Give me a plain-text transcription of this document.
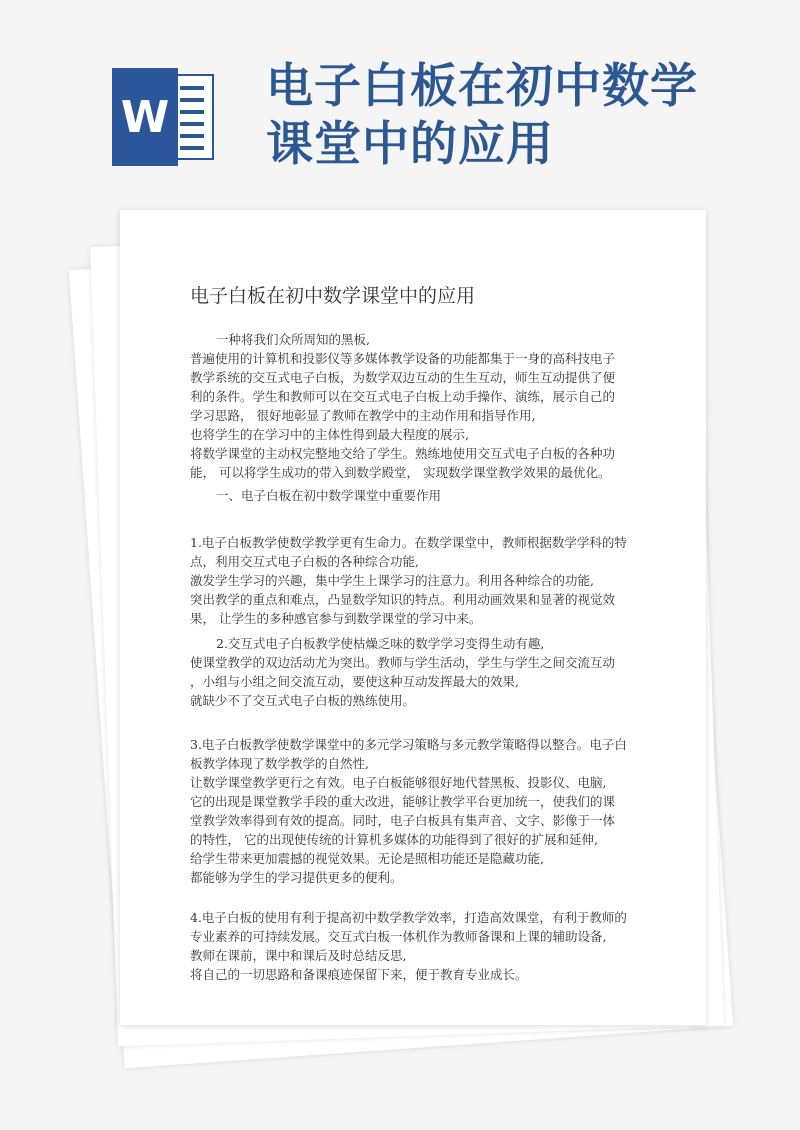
W
电子白板在初中数学课堂中的应用
电子白板在初中数学课堂中的应用
一种将我们众所周知的黑板,
普遍使用的计算机和投影仪等多媒体教学设备的功能都集于一身的高科技电子
教学系统的交互式电子白板，为数学双边互动的生生互动，师生互动提供了便
利的条件。学生和教师可以在交互式电子白板上动手操作、演练，展示自己的
学习思路， 很好地彰显了教师在教学中的主动作用和指导作用,
也将学生的在学习中的主体性得到最大程度的展示,
将数学课堂的主动权完整地交给了学生。熟练地使用交互式电子白板的各种功
能， 可以将学生成功的带入到数学殿堂， 实现数学课堂教学效果的最优化。
一、电子白板在初中数学课堂中重要作用
1.电子白板教学使数学教学更有生命力。在数学课堂中，教师根据数学学科的特
点，利用交互式电子白板的各种综合功能,
激发学生学习的兴趣，集中学生上课学习的注意力。利用各种综合的功能,
突出教学的重点和难点，凸显数学知识的特点。利用动画效果和显著的视觉效
果， 让学生的多种感官参与到数学课堂的学习中来。
2.交互式电子白板教学使枯燥乏味的数学学习变得生动有趣,
使课堂教学的双边活动尤为突出。教师与学生活动，学生与学生之间交流互动
，小组与小组之间交流互动，要使这种互动发挥最大的效果,
就缺少不了交互式电子白板的熟练使用。
3.电子白板教学使数学课堂中的多元学习策略与多元教学策略得以整合。电子白
板教学体现了数学教学的自然性,
让数学课堂教学更行之有效。电子白板能够很好地代替黑板、投影仪、电脑,
它的出现是课堂教学手段的重大改进，能够让教学平台更加统一，使我们的课
堂教学效率得到有效的提高。同时，电子白板具有集声音、文字、影像于一体
的特性， 它的出现使传统的计算机多媒体的功能得到了很好的扩展和延伸,
给学生带来更加震撼的视觉效果。无论是照相功能还是隐藏功能,
都能够为学生的学习提供更多的便利。
4.电子白板的使用有利于提高初中数学教学效率，打造高效课堂，有利于教师的
专业素养的可持续发展。交互式白板一体机作为教师备课和上课的辅助设备,
教师在课前，课中和课后及时总结反思,
将自己的一切思路和备课痕迹保留下来，便于教育专业成长。
